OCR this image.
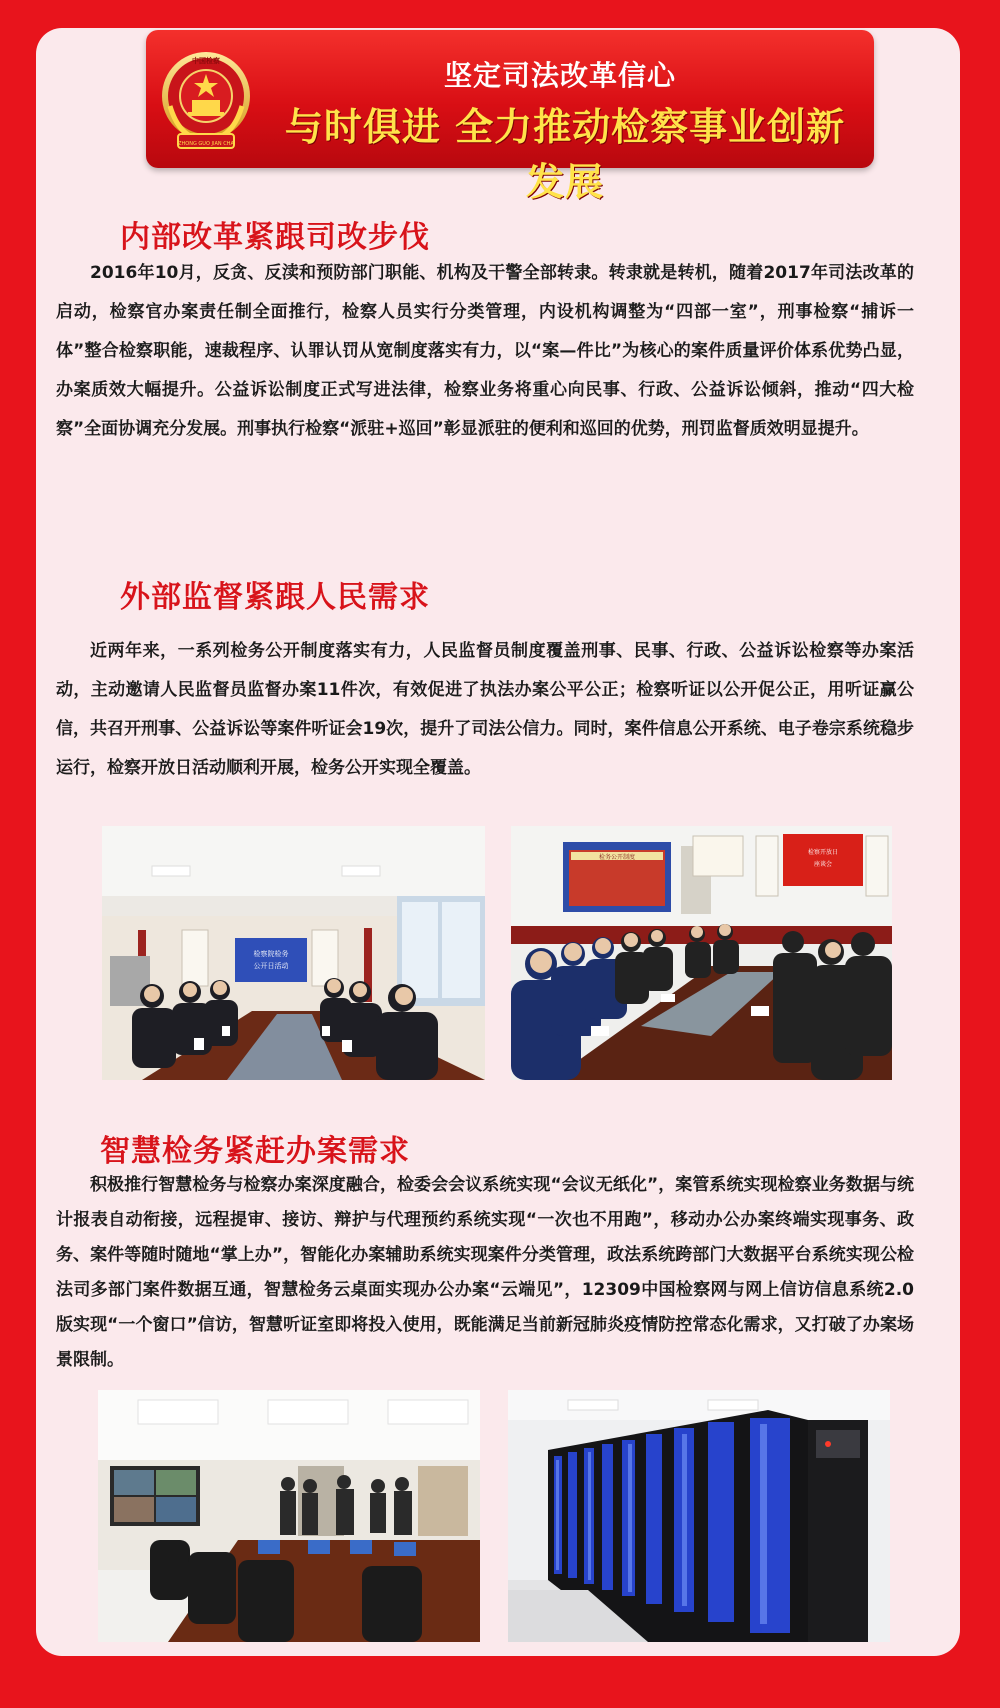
中国检察
ZHONG GUO JIAN CHA
坚定司法改革信心
与时俱进 全力推动检察事业创新发展
内部改革紧跟司改步伐

2016年10月，反贪、反渎和预防部门职能、机构及干警全部转隶。转隶就是转机，随着2017年司法改革的启动，检察官办案责任制全面推行，检察人员实行分类管理，内设机构调整为“四部一室”，刑事检察“捕诉一体”整合检察职能，速裁程序、认罪认罚从宽制度落实有力，以“案—件比”为核心的案件质量评价体系优势凸显，办案质效大幅提升。公益诉讼制度正式写进法律，检察业务将重心向民事、行政、公益诉讼倾斜，推动“四大检察”全面协调充分发展。刑事执行检察“派驻+巡回”彰显派驻的便利和巡回的优势，刑罚监督质效明显提升。

外部监督紧跟人民需求

近两年来，一系列检务公开制度落实有力，人民监督员制度覆盖刑事、民事、行政、公益诉讼检察等办案活动，主动邀请人民监督员监督办案11件次，有效促进了执法办案公平公正；检察听证以公开促公正，用听证赢公信，共召开刑事、公益诉讼等案件听证会19次，提升了司法公信力。同时，案件信息公开系统、电子卷宗系统稳步运行，检察开放日活动顺利开展，检务公开实现全覆盖。

检察院检务
公开日活动
检务公开制度
检察开放日
座谈会
智慧检务紧赶办案需求

积极推行智慧检务与检察办案深度融合，检委会会议系统实现“会议无纸化”，案管系统实现检察业务数据与统计报表自动衔接，远程提审、接访、辩护与代理预约系统实现“一次也不用跑”，移动办公办案终端实现事务、政务、案件等随时随地“掌上办”，智能化办案辅助系统实现案件分类管理，政法系统跨部门大数据平台系统实现公检法司多部门案件数据互通，智慧检务云桌面实现办公办案“云端见”，12309中国检察网与网上信访信息系统2.0版实现“一个窗口”信访，智慧听证室即将投入使用，既能满足当前新冠肺炎疫情防控常态化需求，又打破了办案场景限制。
